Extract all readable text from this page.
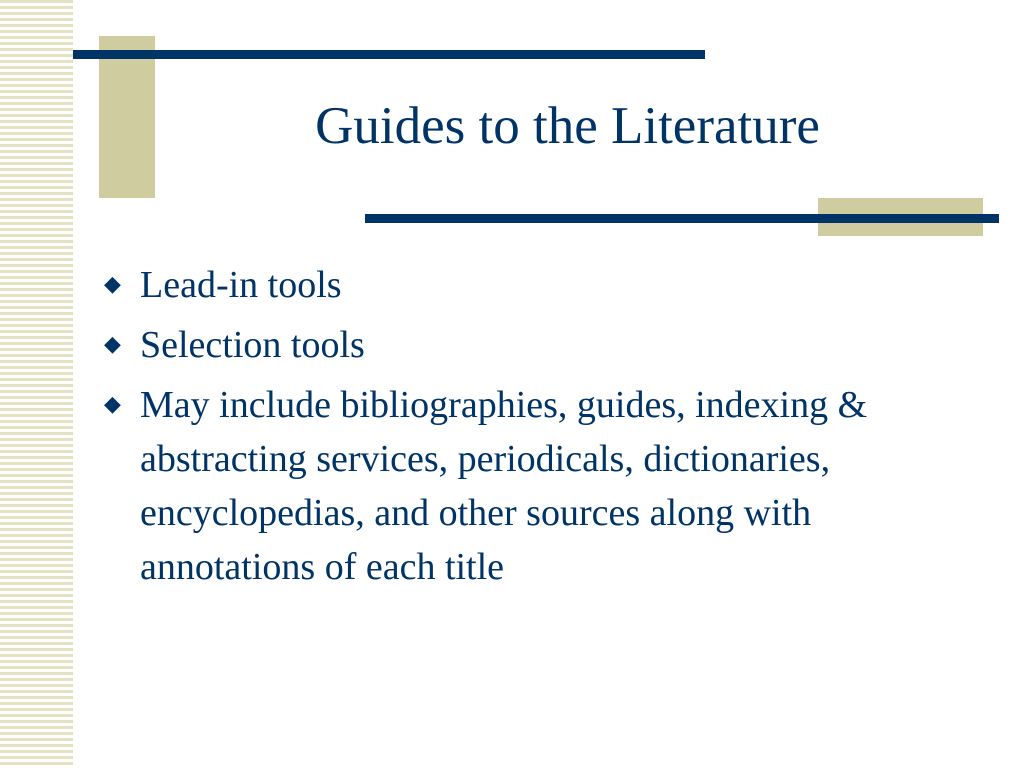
Guides to the Literature
◆ Lead-in tools
◆ Selection tools
◆ May include bibliographies, guides, indexing & abstracting services, periodicals, dictionaries, encyclopedias, and other sources along with annotations of each title
